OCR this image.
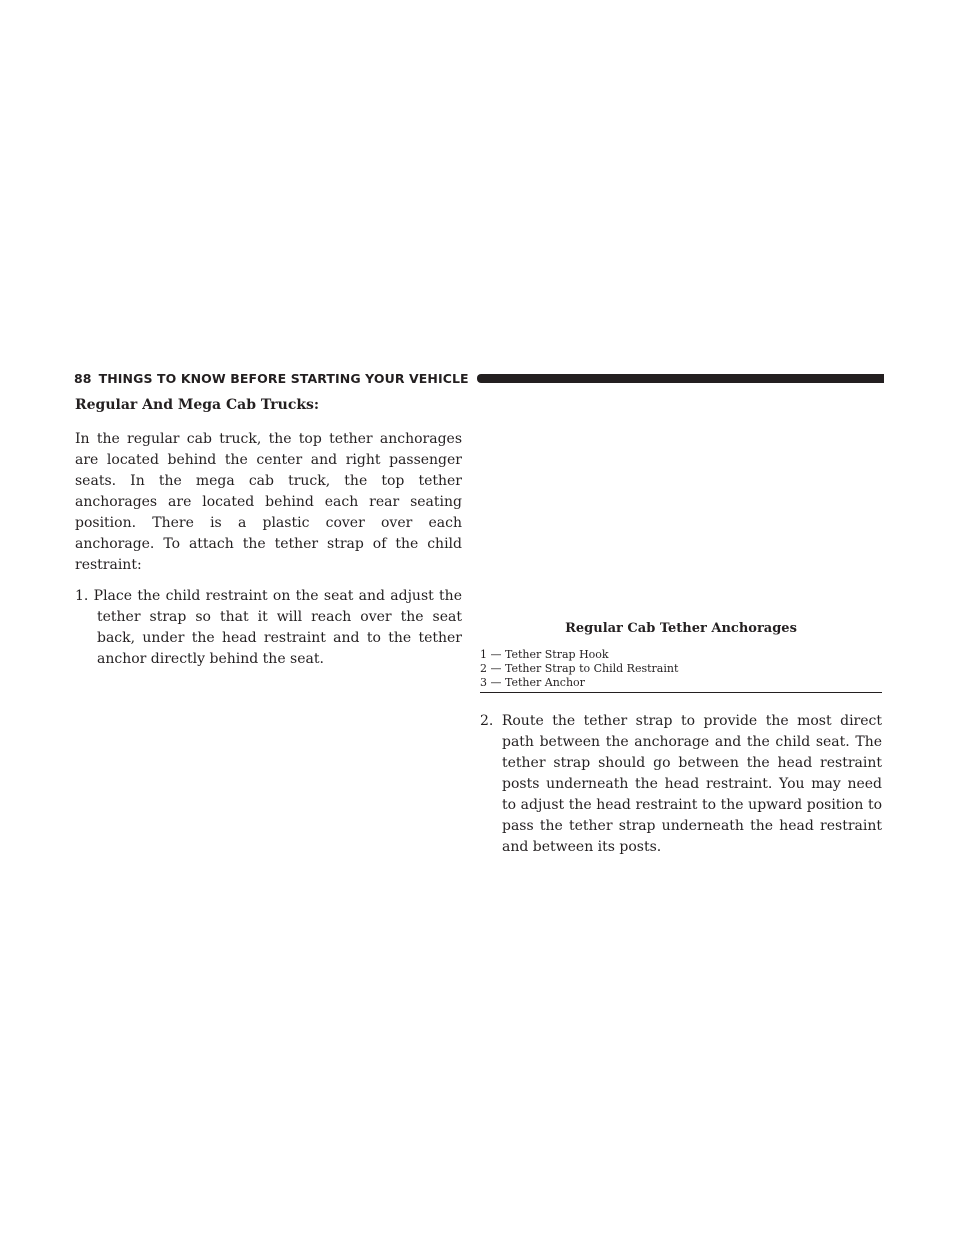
88 THINGS TO KNOW BEFORE STARTING YOUR VEHICLE

Regular And Mega Cab Trucks:

In the regular cab truck, the top tether anchorages are located behind the center and right passenger seats. In the mega cab truck, the top tether anchorages are located behind each rear seating position. There is a plastic cover over each anchorage. To attach the tether strap of the child restraint:

1. Place the child restraint on the seat and adjust the tether strap so that it will reach over the seat back, under the head restraint and to the tether anchor directly behind the seat.

Regular Cab Tether Anchorages

1 — Tether Strap Hook
2 — Tether Strap to Child Restraint
3 — Tether Anchor

2. Route the tether strap to provide the most direct path between the anchorage and the child seat. The tether strap should go between the head restraint posts underneath the head restraint. You may need to adjust the head restraint to the upward position to pass the tether strap underneath the head restraint and between its posts.
